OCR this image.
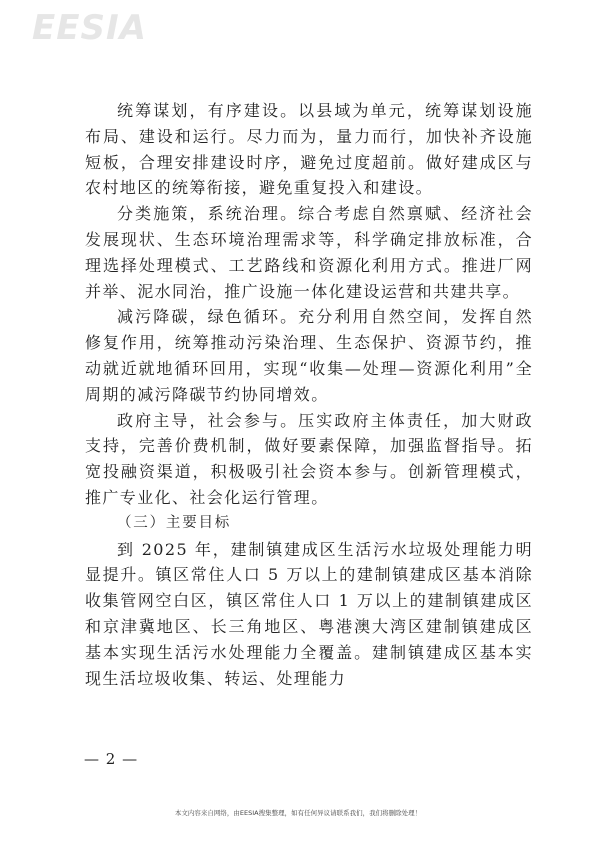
EESIA

统筹谋划，有序建设。以县域为单元，统筹谋划设施布局、建设和运行。尽力而为，量力而行，加快补齐设施短板，合理安排建设时序，避免过度超前。做好建成区与农村地区的统筹衔接，避免重复投入和建设。

分类施策，系统治理。综合考虑自然禀赋、经济社会发展现状、生态环境治理需求等，科学确定排放标准，合理选择处理模式、工艺路线和资源化利用方式。推进厂网并举、泥水同治，推广设施一体化建设运营和共建共享。

减污降碳，绿色循环。充分利用自然空间，发挥自然修复作用，统筹推动污染治理、生态保护、资源节约，推动就近就地循环回用，实现“收集—处理—资源化利用”全周期的减污降碳节约协同增效。

政府主导，社会参与。压实政府主体责任，加大财政支持，完善价费机制，做好要素保障，加强监督指导。拓宽投融资渠道，积极吸引社会资本参与。创新管理模式，推广专业化、社会化运行管理。

（三）主要目标

到 2025 年，建制镇建成区生活污水垃圾处理能力明显提升。镇区常住人口 5 万以上的建制镇建成区基本消除收集管网空白区，镇区常住人口 1 万以上的建制镇建成区和京津冀地区、长三角地区、粤港澳大湾区建制镇建成区基本实现生活污水处理能力全覆盖。建制镇建成区基本实现生活垃圾收集、转运、处理能力

— 2 —
本文内容来自网络，由EESIA搜集整理，如有任何异议请联系我们，我们将删除处理！
